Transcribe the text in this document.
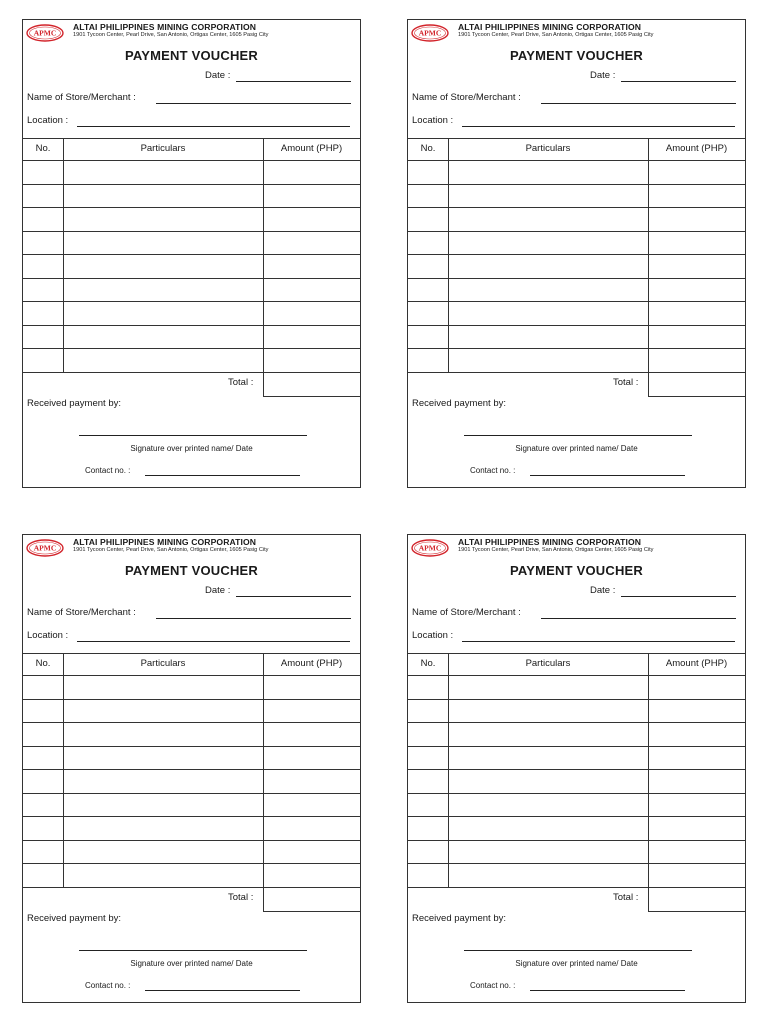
APMC
ALTAI PHILIPPINES MINING CORPORATION
1901 Tycoon Center, Pearl Drive, San Antonio, Ortigas Center, 1605 Pasig City
PAYMENT VOUCHER
Date :
Name of Store/Merchant :
Location :
No.	Particulars	Amount (PHP)
Total :
Received payment by:
Signature over printed name/ Date
Contact no. :
APMC
ALTAI PHILIPPINES MINING CORPORATION
1901 Tycoon Center, Pearl Drive, San Antonio, Ortigas Center, 1605 Pasig City
PAYMENT VOUCHER
Date :
Name of Store/Merchant :
Location :
No.	Particulars	Amount (PHP)
Total :
Received payment by:
Signature over printed name/ Date
Contact no. :
APMC
ALTAI PHILIPPINES MINING CORPORATION
1901 Tycoon Center, Pearl Drive, San Antonio, Ortigas Center, 1605 Pasig City
PAYMENT VOUCHER
Date :
Name of Store/Merchant :
Location :
No.	Particulars	Amount (PHP)
Total :
Received payment by:
Signature over printed name/ Date
Contact no. :
APMC
ALTAI PHILIPPINES MINING CORPORATION
1901 Tycoon Center, Pearl Drive, San Antonio, Ortigas Center, 1605 Pasig City
PAYMENT VOUCHER
Date :
Name of Store/Merchant :
Location :
No.	Particulars	Amount (PHP)
Total :
Received payment by:
Signature over printed name/ Date
Contact no. :
